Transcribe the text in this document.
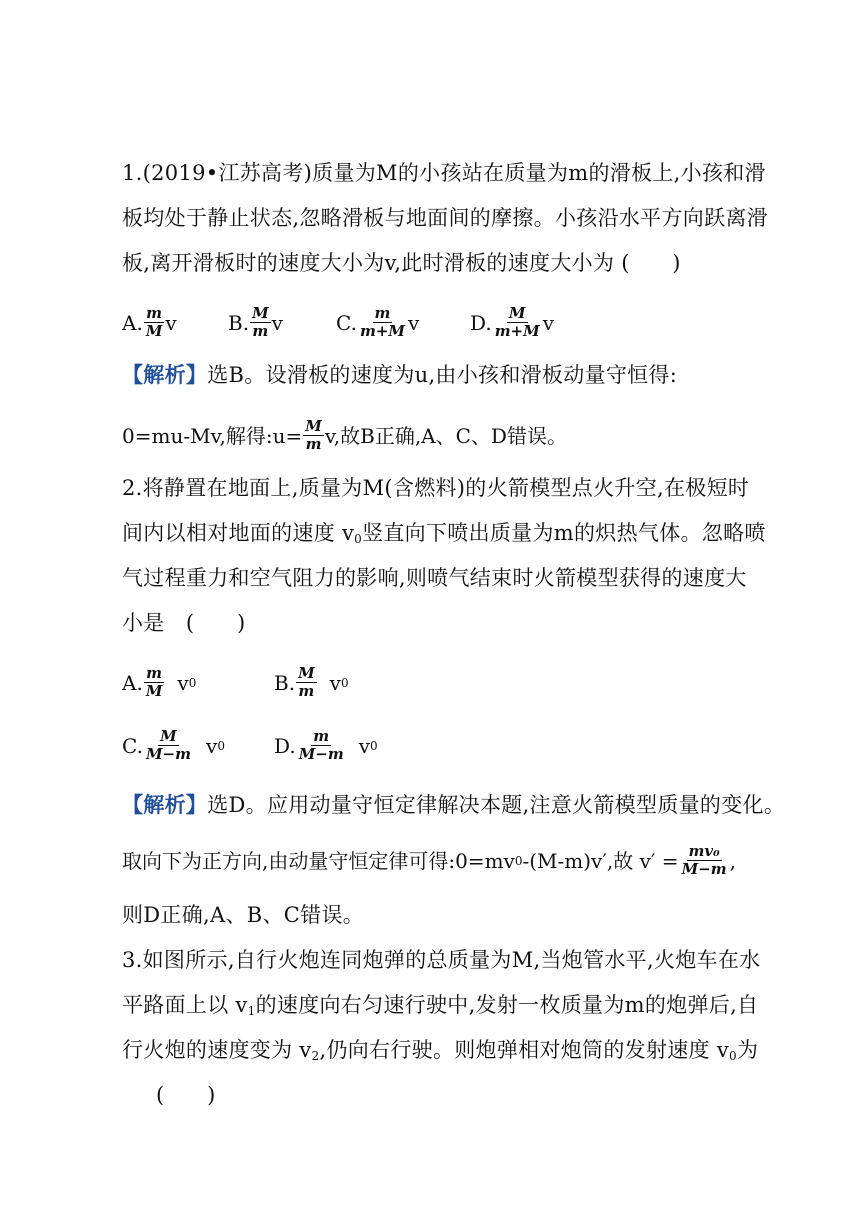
1.(2019•江苏高考)质量为M的小孩站在质量为m的滑板上,小孩和滑
板均处于静止状态,忽略滑板与地面间的摩擦。小孩沿水平方向跃离滑
板,离开滑板时的速度大小为v,此时滑板的速度大小为 (　　)
A. $\frac{m}{M}$ v	B. $\frac{M}{m}$ v	C. $\frac{m}{m+M}$ v	D. $\frac{M}{m+M}$ v
【解析】选B。设滑板的速度为u,由小孩和滑板动量守恒得:
0=mu-Mv,解得:u= $\frac{M}{m} v$,故B正确,A、C、D错误。
2.将静置在地面上,质量为M(含燃料)的火箭模型点火升空,在极短时
间内以相对地面的速度 $v_0$竖直向下喷出质量为m的炽热气体。忽略喷
气过程重力和空气阻力的影响,则喷气结束时火箭模型获得的速度大
小是　(　　)
A. $\frac{m}{M}$ v 0	B. $\frac{M}{m}$ v 0
C. $\frac{M}{M-m}$ v 0 D. $\frac{m}{M-m}$ v 0
【解析】选D。应用动量守恒定律解决本题,注意火箭模型质量的变化。
取向下为正方向,由动量守恒定律可得:0=mv 0 -(M-m)v′,故 $v' = \frac{\text{mv₀}}{M-m}$ ,
则D正确,A、B、C错误。
3.如图所示,自行火炮连同炮弹的总质量为M,当炮管水平,火炮车在水
平路面上以 $v_1$的速度向右匀速行驶中,发射一枚质量为m的炮弹后,自
行火炮的速度变为 $v_2$,仍向右行驶。则炮弹相对炮筒的发射速度 $v_0$为
(　　)
